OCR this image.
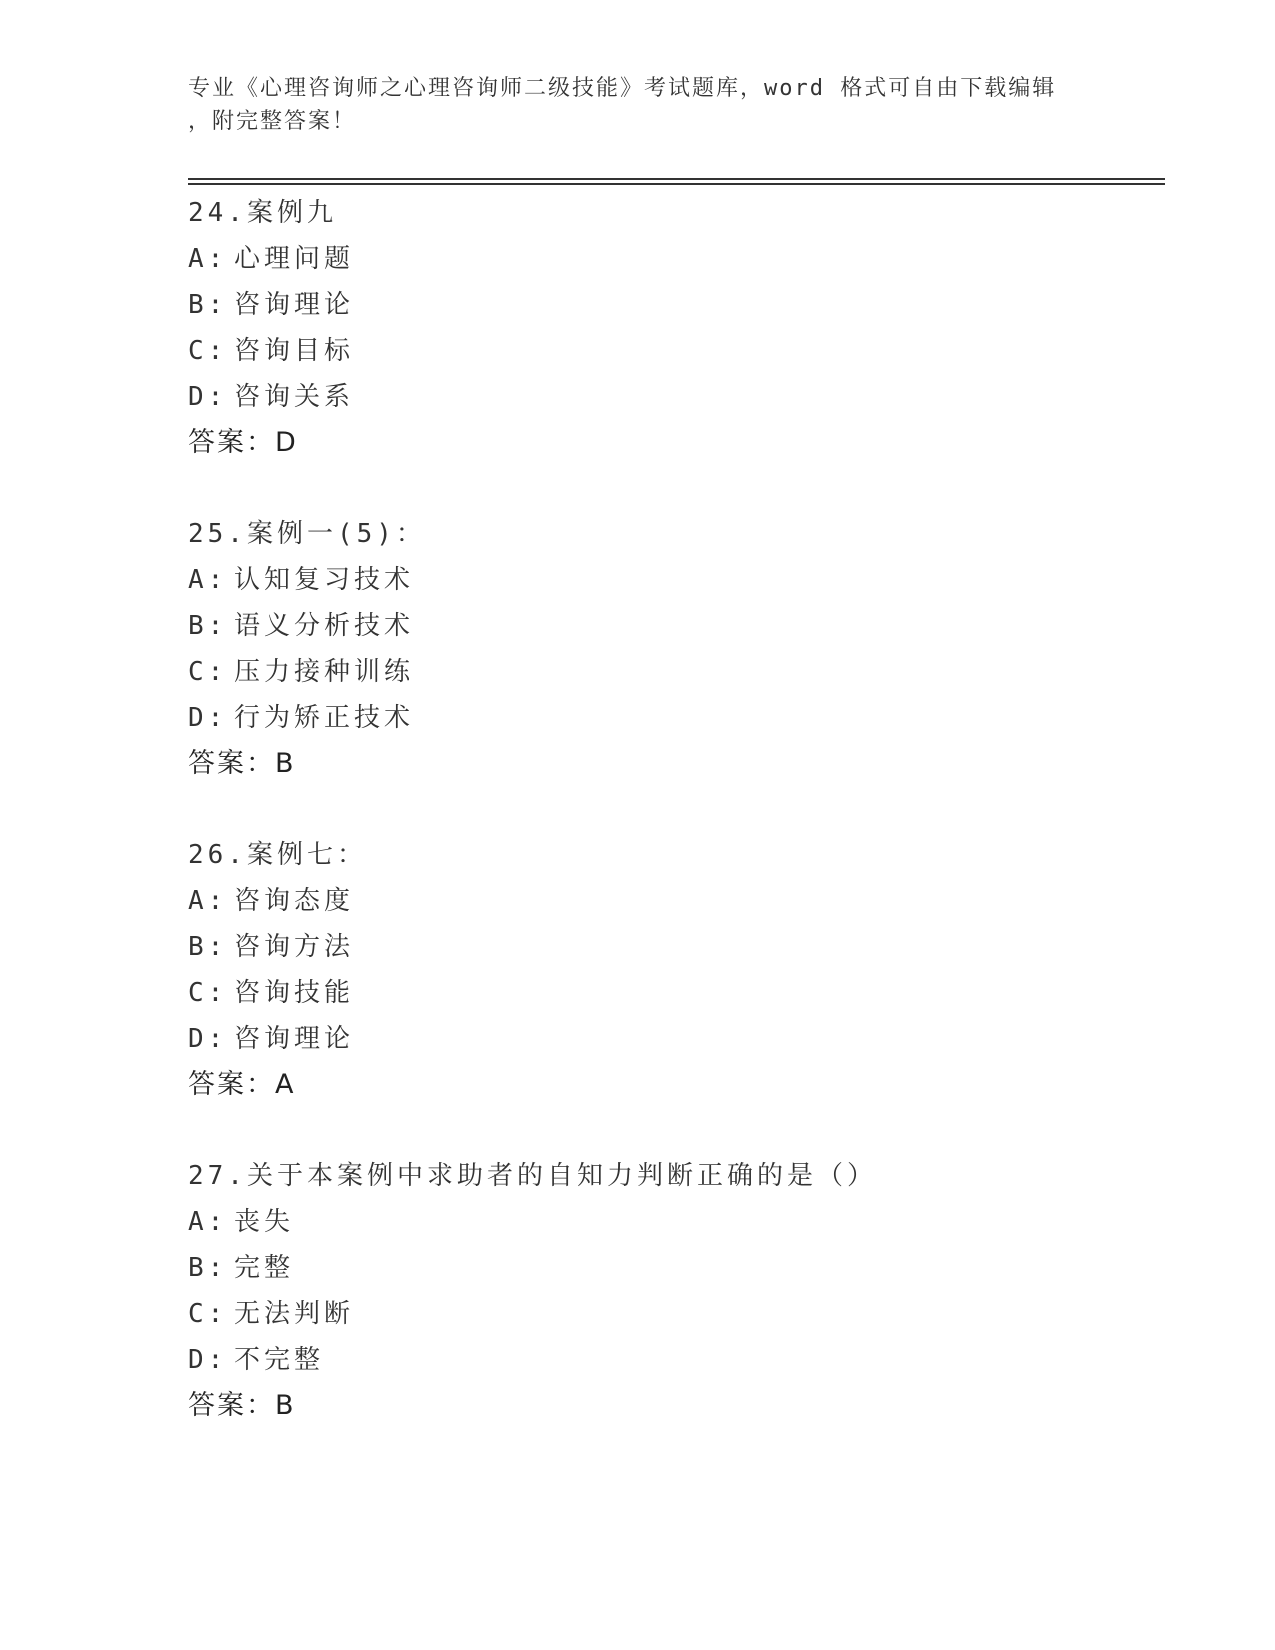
专业《心理咨询师之心理咨询师二级技能》考试题库，word 格式可自由下载编辑
，附完整答案！
24.案例九
A: 心理问题
B: 咨询理论
C: 咨询目标
D: 咨询关系
答案：D
25.案例一(5)：
A: 认知复习技术
B: 语义分析技术
C: 压力接种训练
D: 行为矫正技术
答案：B
26.案例七：
A: 咨询态度
B: 咨询方法
C: 咨询技能
D: 咨询理论
答案：A
27.关于本案例中求助者的自知力判断正确的是（）
A: 丧失
B: 完整
C: 无法判断
D: 不完整
答案：B
